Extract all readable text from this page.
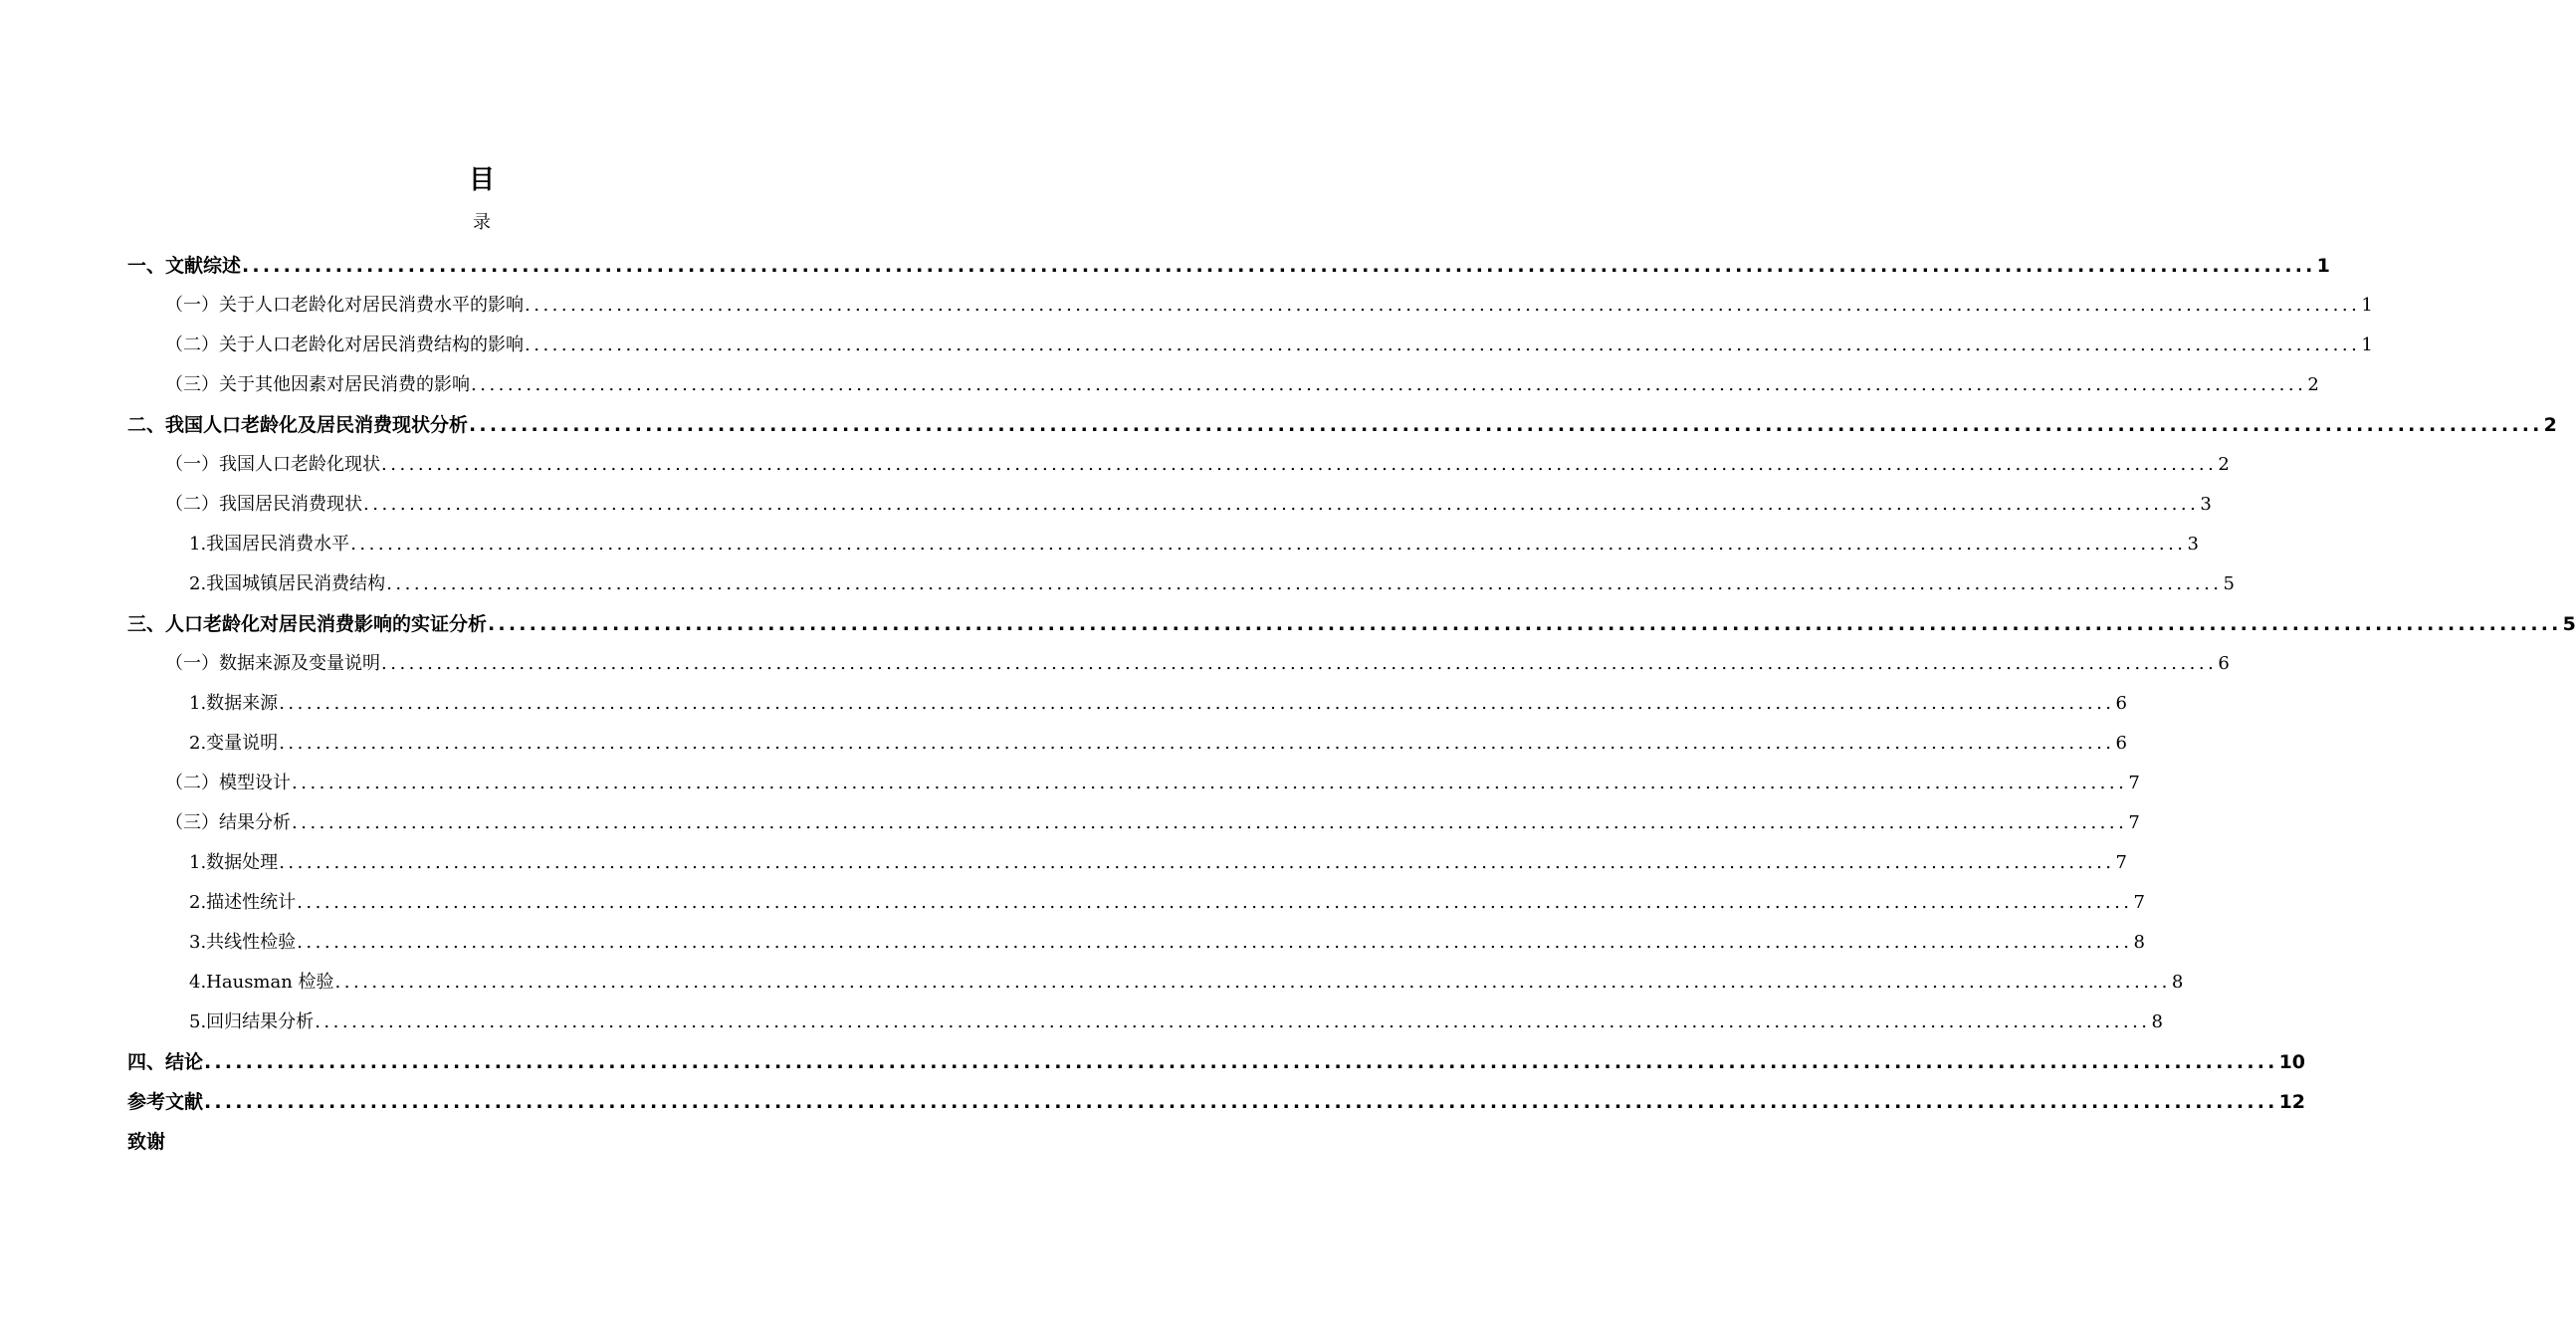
目
录
一、文献综述 ........................................................................................................................................................................................................ 1
（一）关于人口老龄化对居民消费水平的影响 ........................................................................................................................................................................................................ 1
（二）关于人口老龄化对居民消费结构的影响 ........................................................................................................................................................................................................ 1
（三）关于其他因素对居民消费的影响 ........................................................................................................................................................................................................ 2
二、我国人口老龄化及居民消费现状分析 ........................................................................................................................................................................................................ 2
（一）我国人口老龄化现状 ........................................................................................................................................................................................................ 2
（二）我国居民消费现状 ........................................................................................................................................................................................................ 3
1.我国居民消费水平 ........................................................................................................................................................................................................ 3
2.我国城镇居民消费结构 ........................................................................................................................................................................................................ 5
三、人口老龄化对居民消费影响的实证分析 ........................................................................................................................................................................................................ 5
（一）数据来源及变量说明 ........................................................................................................................................................................................................ 6
1.数据来源 ........................................................................................................................................................................................................ 6
2.变量说明 ........................................................................................................................................................................................................ 6
（二）模型设计 ........................................................................................................................................................................................................ 7
（三）结果分析 ........................................................................................................................................................................................................ 7
1.数据处理 ........................................................................................................................................................................................................ 7
2.描述性统计 ........................................................................................................................................................................................................ 7
3.共线性检验 ........................................................................................................................................................................................................ 8
4.Hausman 检验 ........................................................................................................................................................................................................ 8
5.回归结果分析 ........................................................................................................................................................................................................ 8
四、结论 ........................................................................................................................................................................................................ 10
参考文献 ........................................................................................................................................................................................................ 12
致谢
